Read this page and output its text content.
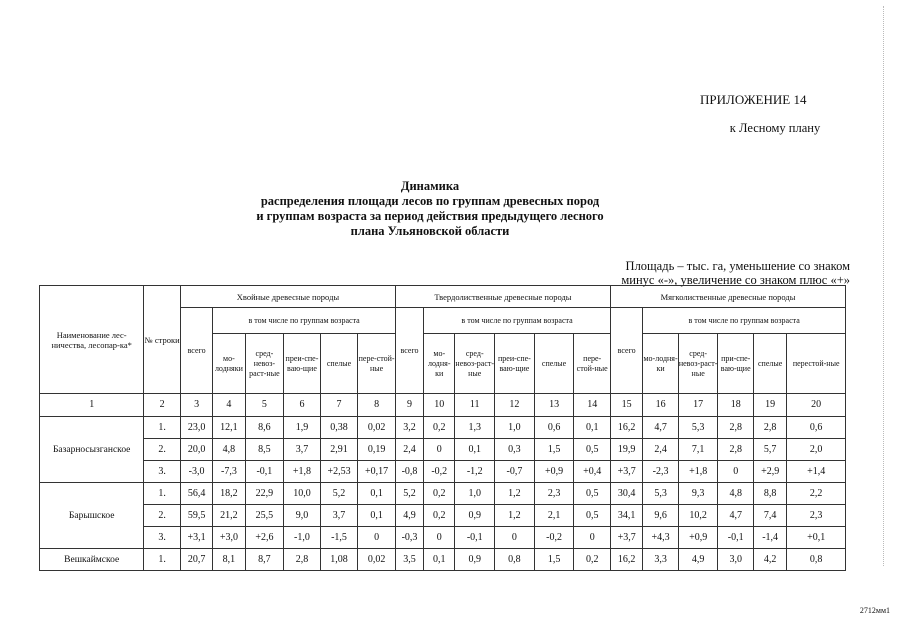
ПРИЛОЖЕНИЕ 14
к Лесному плану
Динамика
распределения площади лесов по группам древесных пород
и группам возраста за период действия предыдущего лесного
плана Ульяновской области
Площадь – тыс. га, уменьшение со знаком
минус «-», увеличение со знаком плюс «+»
Наименование лес-ничества, лесопар-ка*	№ строки	Хвойные древесные породы						Твердолиственные древесные породы						Мягколиственные древесные породы					
		всего	в том числе по группам возраста					всего	в том числе по группам возраста					всего	в том числе по группам возраста				
			мо-лодняки	сред-невоз-раст-ные	преи-спе-ваю-щие	спелые	пере-стой-ные		мо-лодня-ки	сред-невоз-раст-ные	преи-спе-ваю-щие	спелые	пере-стой-ные		мо-лодня-ки	сред-невоз-раст-ные	при-спе-ваю-щие	спелые	перестой-ные
1	2	3	4	5	6	7	8	9	10	11	12	13	14	15	16	17	18	19	20
Базарносызганское	1.	23,0	12,1	8,6	1,9	0,38	0,02	3,2	0,2	1,3	1,0	0,6	0,1	16,2	4,7	5,3	2,8	2,8	0,6
	2.	20,0	4,8	8,5	3,7	2,91	0,19	2,4	0	0,1	0,3	1,5	0,5	19,9	2,4	7,1	2,8	5,7	2,0
	3.	-3,0	-7,3	-0,1	+1,8	+2,53	+0,17	-0,8	-0,2	-1,2	-0,7	+0,9	+0,4	+3,7	-2,3	+1,8	0	+2,9	+1,4
Барышское	1.	56,4	18,2	22,9	10,0	5,2	0,1	5,2	0,2	1,0	1,2	2,3	0,5	30,4	5,3	9,3	4,8	8,8	2,2
	2.	59,5	21,2	25,5	9,0	3,7	0,1	4,9	0,2	0,9	1,2	2,1	0,5	34,1	9,6	10,2	4,7	7,4	2,3
	3.	+3,1	+3,0	+2,6	-1,0	-1,5	0	-0,3	0	-0,1	0	-0,2	0	+3,7	+4,3	+0,9	-0,1	-1,4	+0,1
Вешкаймское	1.	20,7	8,1	8,7	2,8	1,08	0,02	3,5	0,1	0,9	0,8	1,5	0,2	16,2	3,3	4,9	3,0	4,2	0,8
2712мм1
